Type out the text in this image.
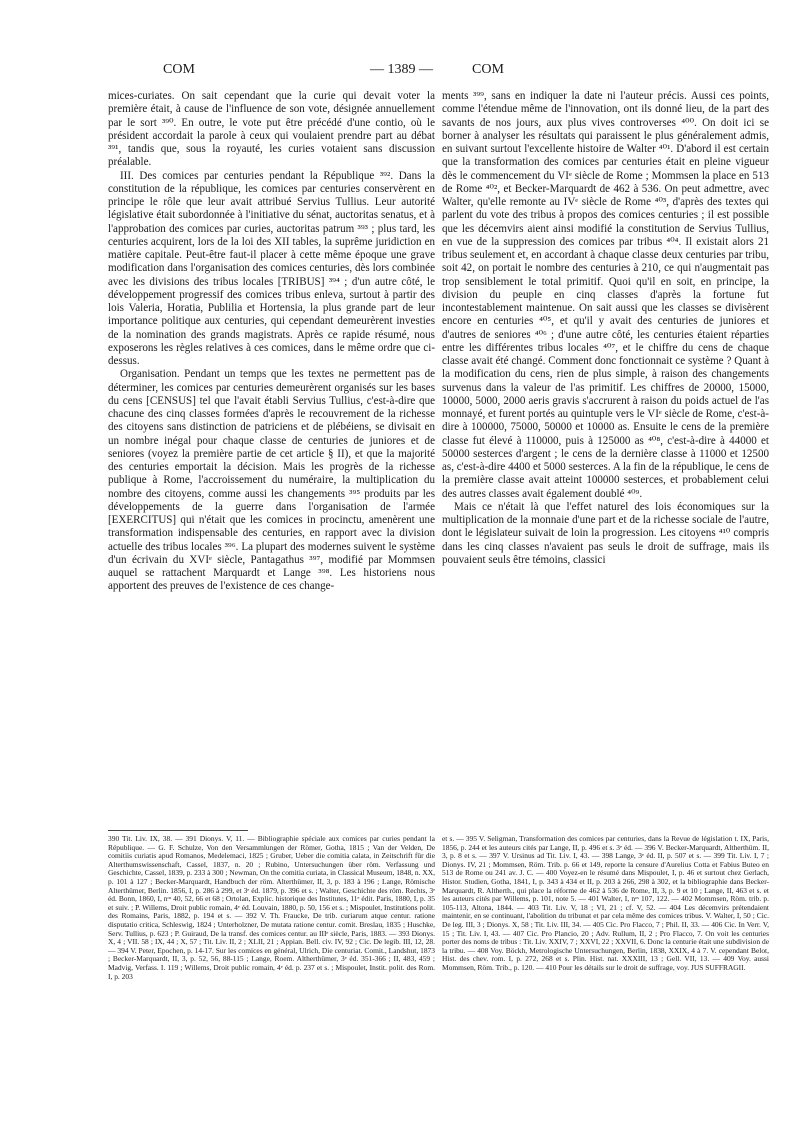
COM	— 1389 —	COM

mices-curiates. On sait cependant que la curie qui devait voter la première était, à cause de l'influence de son vote, désignée annuellement par le sort ³⁹⁰. En outre, le vote put être précédé d'une contio, où le président accordait la parole à ceux qui voulaient prendre part au débat ³⁹¹, tandis que, sous la royauté, les curies votaient sans discussion préalable.

III. Des comices par centuries pendant la République ³⁹². Dans la constitution de la république, les comices par centuries conservèrent en principe le rôle que leur avait attribué Servius Tullius. Leur autorité législative était subordonnée à l'initiative du sénat, auctoritas senatus, et à l'approbation des comices par curies, auctoritas patrum ³⁹³ ; plus tard, les centuries acquirent, lors de la loi des XII tables, la suprême juridiction en matière capitale. Peut-être faut-il placer à cette même époque une grave modification dans l'organisation des comices centuries, dès lors combinée avec les divisions des tribus locales [TRIBUS] ³⁹⁴ ; d'un autre côté, le développement progressif des comices tribus enleva, surtout à partir des lois Valeria, Horatia, Publilia et Hortensia, la plus grande part de leur importance politique aux centuries, qui cependant demeurèrent investies de la nomination des grands magistrats. Après ce rapide résumé, nous exposerons les règles relatives à ces comices, dans le même ordre que ci-dessus.

Organisation. Pendant un temps que les textes ne permettent pas de déterminer, les comices par centuries demeurèrent organisés sur les bases du cens [CENSUS] tel que l'avait établi Servius Tullius, c'est-à-dire que chacune des cinq classes formées d'après le recouvrement de la richesse des citoyens sans distinction de patriciens et de plébéiens, se divisait en un nombre inégal pour chaque classe de centuries de juniores et de seniores (voyez la première partie de cet article § II), et que la majorité des centuries emportait la décision. Mais les progrès de la richesse publique à Rome, l'accroissement du numéraire, la multiplication du nombre des citoyens, comme aussi les changements ³⁹⁵ produits par les développements de la guerre dans l'organisation de l'armée [EXERCITUS] qui n'était que les comices in procinctu, amenèrent une transformation indispensable des centuries, en rapport avec la division actuelle des tribus locales ³⁹⁶. La plupart des modernes suivent le système d'un écrivain du XVIᵉ siècle, Pantagathus ³⁹⁷, modifié par Mommsen auquel se rattachent Marquardt et Lange ³⁹⁸. Les historiens nous apportent des preuves de l'existence de ces change-

390 Tit. Liv. IX, 38. — 391 Dionys. V, 11. — Bibliographie spéciale aux comices par curies pendant la République. — G. F. Schulze, Von den Versammlungen der Römer, Gotha, 1815 ; Van der Velden, De comitiis curiatis apud Romanos, Medelemaci, 1825 ; Gruber, Ueber die comitia calata, in Zeitschrift für die Alterthumswissenschaft, Cassel, 1837, n. 20 ; Rubino, Untersuchungen über röm. Verfassung und Geschichte, Cassel, 1839, p. 233 à 300 ; Newman, On the comitia curiata, in Classical Museum, 1848, n. XX, p. 101 à 127 ; Becker-Marquardt, Handbuch der röm. Alterthümer, II, 3, p. 183 à 196 ; Lange, Römische Alterthümer, Berlin. 1856, I, p. 286 à 299, et 3ᵉ éd. 1879, p. 396 et s. ; Walter, Geschichte des röm. Rechts, 3ᵉ éd. Bonn, 1860, I, nᵒˢ 40, 52, 66 et 68 ; Ortolan, Explic. historique des Institutes, 11ᵉ édit. Paris, 1880, I, p. 35 et suiv. ; P. Willems, Droit public romain, 4ᵉ éd. Louvain, 1880, p. 50, 156 et s. ; Mispoulet, Institutions polit. des Romains, Paris, 1882, p. 194 et s. — 392 V. Th. Fraucke, De trib. curiarum atque centur. ratione disputatio critica, Schleswig, 1824 ; Unterholzner, De mutata ratione centur. comit. Breslau, 1835 ; Huschke, Serv. Tullius, p. 623 ; P. Guiraud, De la transf. des comices centur. au IIIᵉ siècle, Paris, 1883. — 393 Dionys. X, 4 ; VII. 58 ; IX, 44 ; X, 57 ; Tit. Liv. II, 2 ; XLII, 21 ; Appian. Bell. civ. IV, 92 ; Cic. De legib. III, 12, 28. — 394 V. Peter, Epochen, p. 14-17. Sur les comices en général, Ulrich, Die centuriat. Comit., Landshut, 1873 ; Becker-Marquardt, II, 3, p. 52, 56, 88-115 ; Lange, Roem. Altherthümer, 3ᵉ éd. 351-366 ; II, 483, 459 ; Madvig, Verfass. I. 119 ; Willems, Droit public romain, 4ᵉ éd. p. 237 et s. ; Mispoulet, Instit. polit. des Rom. I, p. 203

ments ³⁹⁹, sans en indiquer la date ni l'auteur précis. Aussi ces points, comme l'étendue même de l'innovation, ont ils donné lieu, de la part des savants de nos jours, aux plus vives controverses ⁴⁰⁰. On doit ici se borner à analyser les résultats qui paraissent le plus généralement admis, en suivant surtout l'excellente histoire de Walter ⁴⁰¹. D'abord il est certain que la transformation des comices par centuries était en pleine vigueur dès le commencement du VIᵉ siècle de Rome ; Mommsen la place en 513 de Rome ⁴⁰², et Becker-Marquardt de 462 à 536. On peut admettre, avec Walter, qu'elle remonte au IVᵉ siècle de Rome ⁴⁰³, d'après des textes qui parlent du vote des tribus à propos des comices centuries ; il est possible que les décemvirs aient ainsi modifié la constitution de Servius Tullius, en vue de la suppression des comices par tribus ⁴⁰⁴. Il existait alors 21 tribus seulement et, en accordant à chaque classe deux centuries par tribu, soit 42, on portait le nombre des centuries à 210, ce qui n'augmentait pas trop sensiblement le total primitif. Quoi qu'il en soit, en principe, la division du peuple en cinq classes d'après la fortune fut incontestablement maintenue. On sait aussi que les classes se divisèrent encore en centuries ⁴⁰⁵, et qu'il y avait des centuries de juniores et d'autres de seniores ⁴⁰⁶ ; d'une autre côté, les centuries étaient réparties entre les différentes tribus locales ⁴⁰⁷, et le chiffre du cens de chaque classe avait été changé. Comment donc fonctionnait ce système ? Quant à la modification du cens, rien de plus simple, à raison des changements survenus dans la valeur de l'as primitif. Les chiffres de 20000, 15000, 10000, 5000, 2000 aeris gravis s'accrurent à raison du poids actuel de l'as monnayé, et furent portés au quintuple vers le VIᵉ siècle de Rome, c'est-à-dire à 100000, 75000, 50000 et 10000 as. Ensuite le cens de la première classe fut élevé à 110000, puis à 125000 as ⁴⁰⁸, c'est-à-dire à 44000 et 50000 sesterces d'argent ; le cens de la dernière classe à 11000 et 12500 as, c'est-à-dire 4400 et 5000 sesterces. A la fin de la république, le cens de la première classe avait atteint 100000 sesterces, et probablement celui des autres classes avait également doublé ⁴⁰⁹.

Mais ce n'était là que l'effet naturel des lois économiques sur la multiplication de la monnaie d'une part et de la richesse sociale de l'autre, dont le législateur suivait de loin la progression. Les citoyens ⁴¹⁰ compris dans les cinq classes n'avaient pas seuls le droit de suffrage, mais ils pouvaient seuls être témoins, classici

et s. — 395 V. Seligman, Transformation des comices par centuries, dans la Revue de législation t. IX, Paris, 1856, p. 244 et les auteurs cités par Lange, II, p. 496 et s. 3ᵉ éd. — 396 V. Becker-Marquardt, Altherthüm. II, 3, p. 8 et s. — 397 V. Ursinus ad Tit. Liv. I, 43. — 398 Lange, 3ᵉ éd. II, p. 507 et s. — 399 Tit. Liv. I, 7 ; Dionys. IV, 21 ; Mommsen, Röm. Trib. p. 66 et 149, reporte la censure d'Aurelius Cotta et Fabius Buteo en 513 de Rome ou 241 av. J. C. — 400 Voyez-en le résumé dans Mispoulet, I, p. 46 et surtout chez Gerlach, Histor. Studien, Gotha, 1841, I, p. 343 à 434 et II, p. 203 à 266, 298 à 302, et la bibliographie dans Becker-Marquardt, R. Altherth., qui place la réforme de 462 à 536 de Rome, II, 3, p. 9 et 10 ; Lange, II, 463 et s. et les auteurs cités par Willems, p. 101, note 5. — 401 Walter, I, nᵒˢ 107, 122. — 402 Mommsen, Röm. trib. p. 105-113, Altona, 1844. — 403 Tit. Liv. V, 18 ; VI, 21 ; cf. V, 52. — 404 Les décemvirs prétendaient maintenir, en se continuant, l'abolition du tribunat et par cela même des comices tribus. V. Walter, I, 50 ; Cic. De leg. III, 3 ; Dionys. X, 58 ; Tit. Liv. III, 34. — 405 Cic. Pro Flacco, 7 ; Phil. II, 33. — 406 Cic. In Verr. V, 15 ; Tit. Liv. I, 43. — 407 Cic. Pro Plancio, 20 ; Adv. Rullum, II, 2 ; Pro Flacco, 7. On voit les centuries porter des noms de tribus : Tit. Liv. XXIV, 7 ; XXVI, 22 ; XXVII, 6. Donc la centurie était une subdivision de la tribu. — 408 Voy. Böckh, Metrologische Untersuchungen, Berlin, 1838, XXIX, 4 à 7. V. cependant Belot, Hist. des chev. rom. I, p. 272, 268 et s. Plin. Hist. nat. XXXIII, 13 ; Gell. VII, 13. — 409 Voy. aussi Mommsen, Röm. Trib., p. 120. — 410 Pour les détails sur le droit de suffrage, voy. JUS SUFFRAGII.
